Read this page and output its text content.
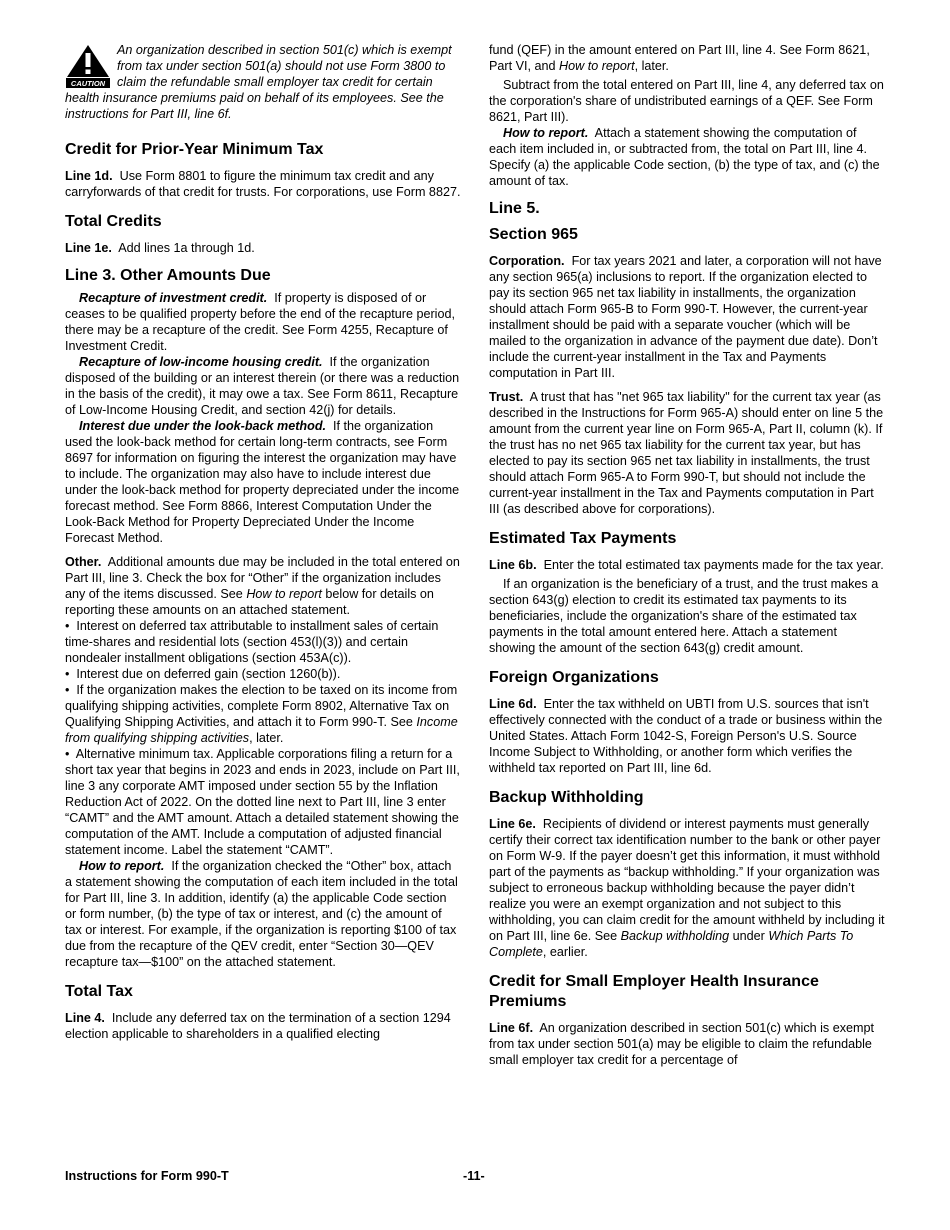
CAUTION

An organization described in section 501(c) which is exempt from tax under section 501(a) should not use Form 3800 to claim the refundable small employer tax credit for certain health insurance premiums paid on behalf of its employees. See the instructions for Part III, line 6f.

Credit for Prior-Year Minimum Tax

Line 1d. Use Form 8801 to figure the minimum tax credit and any carryforwards of that credit for trusts. For corporations, use Form 8827.

Total Credits

Line 1e. Add lines 1a through 1d.

Line 3. Other Amounts Due

Recapture of investment credit. If property is disposed of or ceases to be qualified property before the end of the recapture period, there may be a recapture of the credit. See Form 4255, Recapture of Investment Credit.

Recapture of low-income housing credit. If the organization disposed of the building or an interest therein (or there was a reduction in the basis of the credit), it may owe a tax. See Form 8611, Recapture of Low-Income Housing Credit, and section 42(j) for details.

Interest due under the look-back method. If the organization used the look-back method for certain long-term contracts, see Form 8697 for information on figuring the interest the organization may have to include. The organization may also have to include interest due under the look-back method for property depreciated under the income forecast method. See Form 8866, Interest Computation Under the Look-Back Method for Property Depreciated Under the Income Forecast Method.

Other. Additional amounts due may be included in the total entered on Part III, line 3. Check the box for “Other” if the organization includes any of the items discussed. See How to report below for details on reporting these amounts on an attached statement.

•  Interest on deferred tax attributable to installment sales of certain time-shares and residential lots (section 453(l)(3)) and certain nondealer installment obligations (section 453A(c)).

•  Interest due on deferred gain (section 1260(b)).

•  If the organization makes the election to be taxed on its income from qualifying shipping activities, complete Form 8902, Alternative Tax on Qualifying Shipping Activities, and attach it to Form 990-T. See Income from qualifying shipping activities, later.

•  Alternative minimum tax. Applicable corporations filing a return for a short tax year that begins in 2023 and ends in 2023, include on Part III, line 3 any corporate AMT imposed under section 55 by the Inflation Reduction Act of 2022. On the dotted line next to Part III, line 3 enter “CAMT” and the AMT amount. Attach a detailed statement showing the computation of the AMT. Include a computation of adjusted financial statement income. Label the statement “CAMT”.

How to report. If the organization checked the “Other” box, attach a statement showing the computation of each item included in the total for Part III, line 3. In addition, identify (a) the applicable Code section or form number, (b) the type of tax or interest, and (c) the amount of tax or interest. For example, if the organization is reporting $100 of tax due from the recapture of the QEV credit, enter “Section 30—QEV recapture tax—$100” on the attached statement.

Total Tax

Line 4. Include any deferred tax on the termination of a section 1294 election applicable to shareholders in a qualified electing

fund (QEF) in the amount entered on Part III, line 4. See Form 8621, Part VI, and How to report, later.

Subtract from the total entered on Part III, line 4, any deferred tax on the corporation's share of undistributed earnings of a QEF. See Form 8621, Part III).

How to report. Attach a statement showing the computation of each item included in, or subtracted from, the total on Part III, line 4. Specify (a) the applicable Code section, (b) the type of tax, and (c) the amount of tax.

Line 5.
Section 965

Corporation. For tax years 2021 and later, a corporation will not have any section 965(a) inclusions to report. If the organization elected to pay its section 965 net tax liability in installments, the organization should attach Form 965-B to Form 990-T. However, the current-year installment should be paid with a separate voucher (which will be mailed to the organization in advance of the payment due date). Don’t include the current-year installment in the Tax and Payments computation in Part III.

Trust. A trust that has "net 965 tax liability" for the current tax year (as described in the Instructions for Form 965-A) should enter on line 5 the amount from the current year line on Form 965-A, Part II, column (k). If the trust has no net 965 tax liability for the current tax year, but has elected to pay its section 965 net tax liability in installments, the trust should attach Form 965-A to Form 990-T, but should not include the current-year installment in the Tax and Payments computation in Part III (as described above for corporations).

Estimated Tax Payments

Line 6b. Enter the total estimated tax payments made for the tax year.

If an organization is the beneficiary of a trust, and the trust makes a section 643(g) election to credit its estimated tax payments to its beneficiaries, include the organization's share of the estimated tax payments in the total amount entered here. Attach a statement showing the amount of the section 643(g) credit amount.

Foreign Organizations

Line 6d. Enter the tax withheld on UBTI from U.S. sources that isn't effectively connected with the conduct of a trade or business within the United States. Attach Form 1042-S, Foreign Person's U.S. Source Income Subject to Withholding, or another form which verifies the withheld tax reported on Part III, line 6d.

Backup Withholding

Line 6e. Recipients of dividend or interest payments must generally certify their correct tax identification number to the bank or other payer on Form W-9. If the payer doesn’t get this information, it must withhold part of the payments as “backup withholding.” If your organization was subject to erroneous backup withholding because the payer didn’t realize you were an exempt organization and not subject to this withholding, you can claim credit for the amount withheld by including it on Part III, line 6e. See Backup withholding under Which Parts To Complete, earlier.

Credit for Small Employer Health Insurance Premiums

Line 6f. An organization described in section 501(c) which is exempt from tax under section 501(a) may be eligible to claim the refundable small employer tax credit for a percentage of

Instructions for Form 990-T	-11-
